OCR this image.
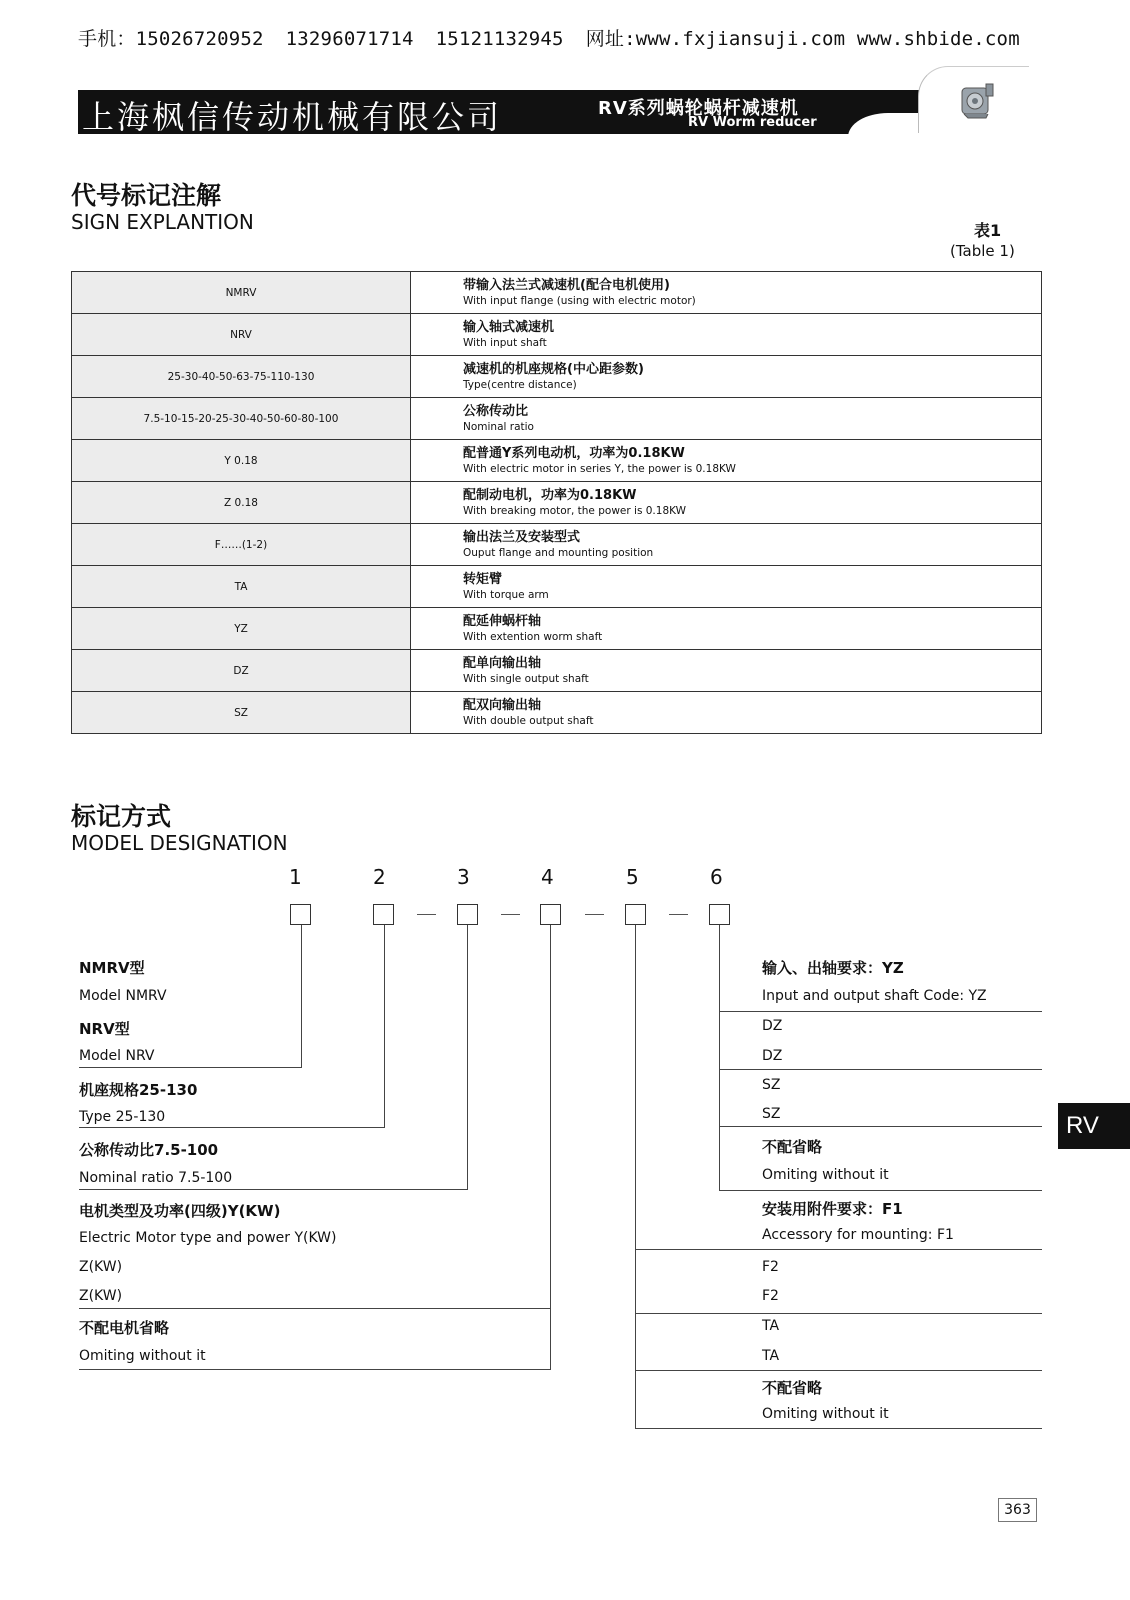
手机：15026720952 13296071714 15121132945 网址:www.fxjiansuji.com www.shbide.com
上海枫信传动机械有限公司	RV系列蜗轮蜗杆减速机
RV Worm reducer
代号标记注解
SIGN EXPLANTION	表1
(Table 1)
NMRV	带输入法兰式减速机(配合电机使用)
With input flange (using with electric motor)

NRV	输入轴式减速机
With input shaft

25-30-40-50-63-75-110-130	减速机的机座规格(中心距参数)
Type(centre distance)

7.5-10-15-20-25-30-40-50-60-80-100	公称传动比
Nominal ratio

Y 0.18	配普通Y系列电动机，功率为0.18KW
With electric motor in series Y, the power is 0.18KW

Z 0.18	配制动电机，功率为0.18KW
With breaking motor, the power is 0.18KW

F……(1-2)	输出法兰及安装型式
Ouput flange and mounting position

TA	转矩臂
With torque arm

YZ	配延伸蜗杆轴
With extention worm shaft

DZ	配单向输出轴
With single output shaft

SZ	配双向输出轴
With double output shaft
标记方式
MODEL DESIGNATION
1	2	3	4	5	6
NMRV型
Model NMRV
NRV型
Model NRV
机座规格25-130
Type 25-130
公称传动比7.5-100
Nominal ratio 7.5-100
电机类型及功率(四级)Y(KW)
Electric Motor type and power Y(KW)
Z(KW)
Z(KW)
不配电机省略
Omiting without it
输入、出轴要求：YZ
Input and output shaft Code: YZ
DZ
DZ
SZ
SZ
不配省略
Omiting without it
安装用附件要求：F1
Accessory for mounting: F1
F2
F2
TA
TA
不配省略
Omiting without it
RV
363
